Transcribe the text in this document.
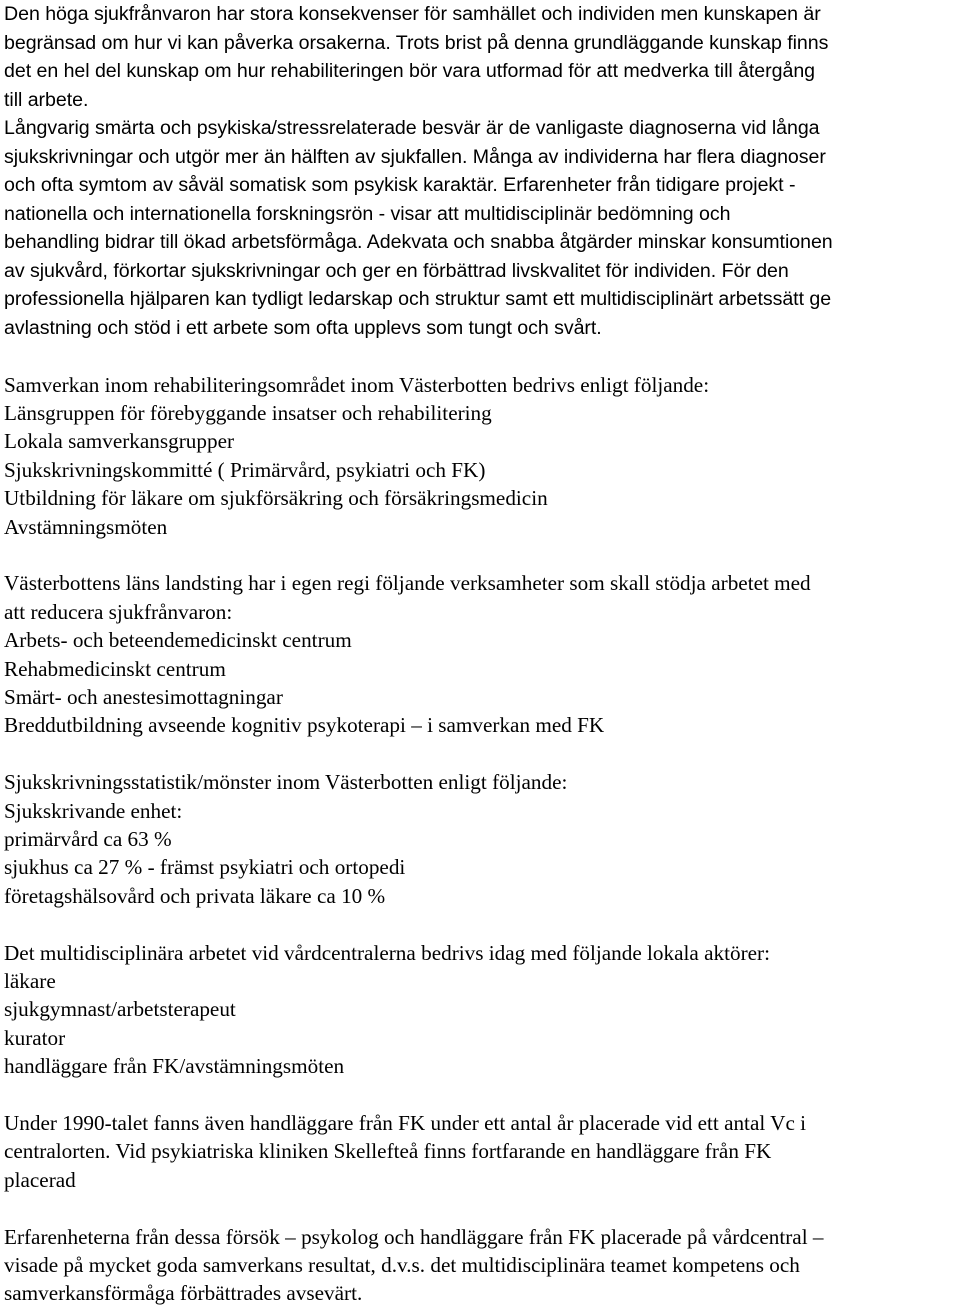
Den höga sjukfrånvaron har stora konsekvenser för samhället och individen men kunskapen är
begränsad om hur vi kan påverka orsakerna. Trots brist på denna grundläggande kunskap finns
det en hel del kunskap om hur rehabiliteringen bör vara utformad för att medverka till återgång
till arbete.
Långvarig smärta och psykiska/stressrelaterade besvär är de vanligaste diagnoserna vid långa
sjukskrivningar och utgör mer än hälften av sjukfallen. Många av individerna har flera diagnoser
och ofta symtom av såväl somatisk som psykisk karaktär. Erfarenheter från tidigare projekt -
nationella och internationella forskningsrön - visar att multidisciplinär bedömning och
behandling bidrar till ökad arbetsförmåga. Adekvata och snabba åtgärder minskar konsumtionen
av sjukvård, förkortar sjukskrivningar och ger en förbättrad livskvalitet för individen. För den
professionella hjälparen kan tydligt ledarskap och struktur samt ett multidisciplinärt arbetssätt ge
avlastning och stöd i ett arbete som ofta upplevs som tungt och svårt.

Samverkan inom rehabiliteringsområdet inom Västerbotten bedrivs enligt följande:
Länsgruppen för förebyggande insatser och rehabilitering
Lokala samverkansgrupper
Sjukskrivningskommitté ( Primärvård, psykiatri och FK)
Utbildning för läkare om sjukförsäkring och försäkringsmedicin
Avstämningsmöten
Västerbottens läns landsting har i egen regi följande verksamheter som skall stödja arbetet med
att reducera sjukfrånvaron:
Arbets- och beteendemedicinskt centrum
Rehabmedicinskt centrum
Smärt- och anestesimottagningar
Breddutbildning avseende kognitiv psykoterapi – i samverkan med FK
Sjukskrivningsstatistik/mönster inom Västerbotten enligt följande:
Sjukskrivande enhet:
primärvård ca 63 %
sjukhus ca 27 % - främst psykiatri och ortopedi
företagshälsovård och privata läkare ca 10 %
Det multidisciplinära arbetet vid vårdcentralerna bedrivs idag med följande lokala aktörer:
läkare
sjukgymnast/arbetsterapeut
kurator
handläggare från FK/avstämningsmöten
Under 1990-talet fanns även handläggare från FK under ett antal år placerade vid ett antal Vc i
centralorten. Vid psykiatriska kliniken Skellefteå finns fortfarande en handläggare från FK
placerad
Erfarenheterna från dessa försök – psykolog och handläggare från FK placerade på vårdcentral –
visade på mycket goda samverkans resultat, d.v.s. det multidisciplinära teamet kompetens och
samverkansförmåga förbättrades avsevärt.
